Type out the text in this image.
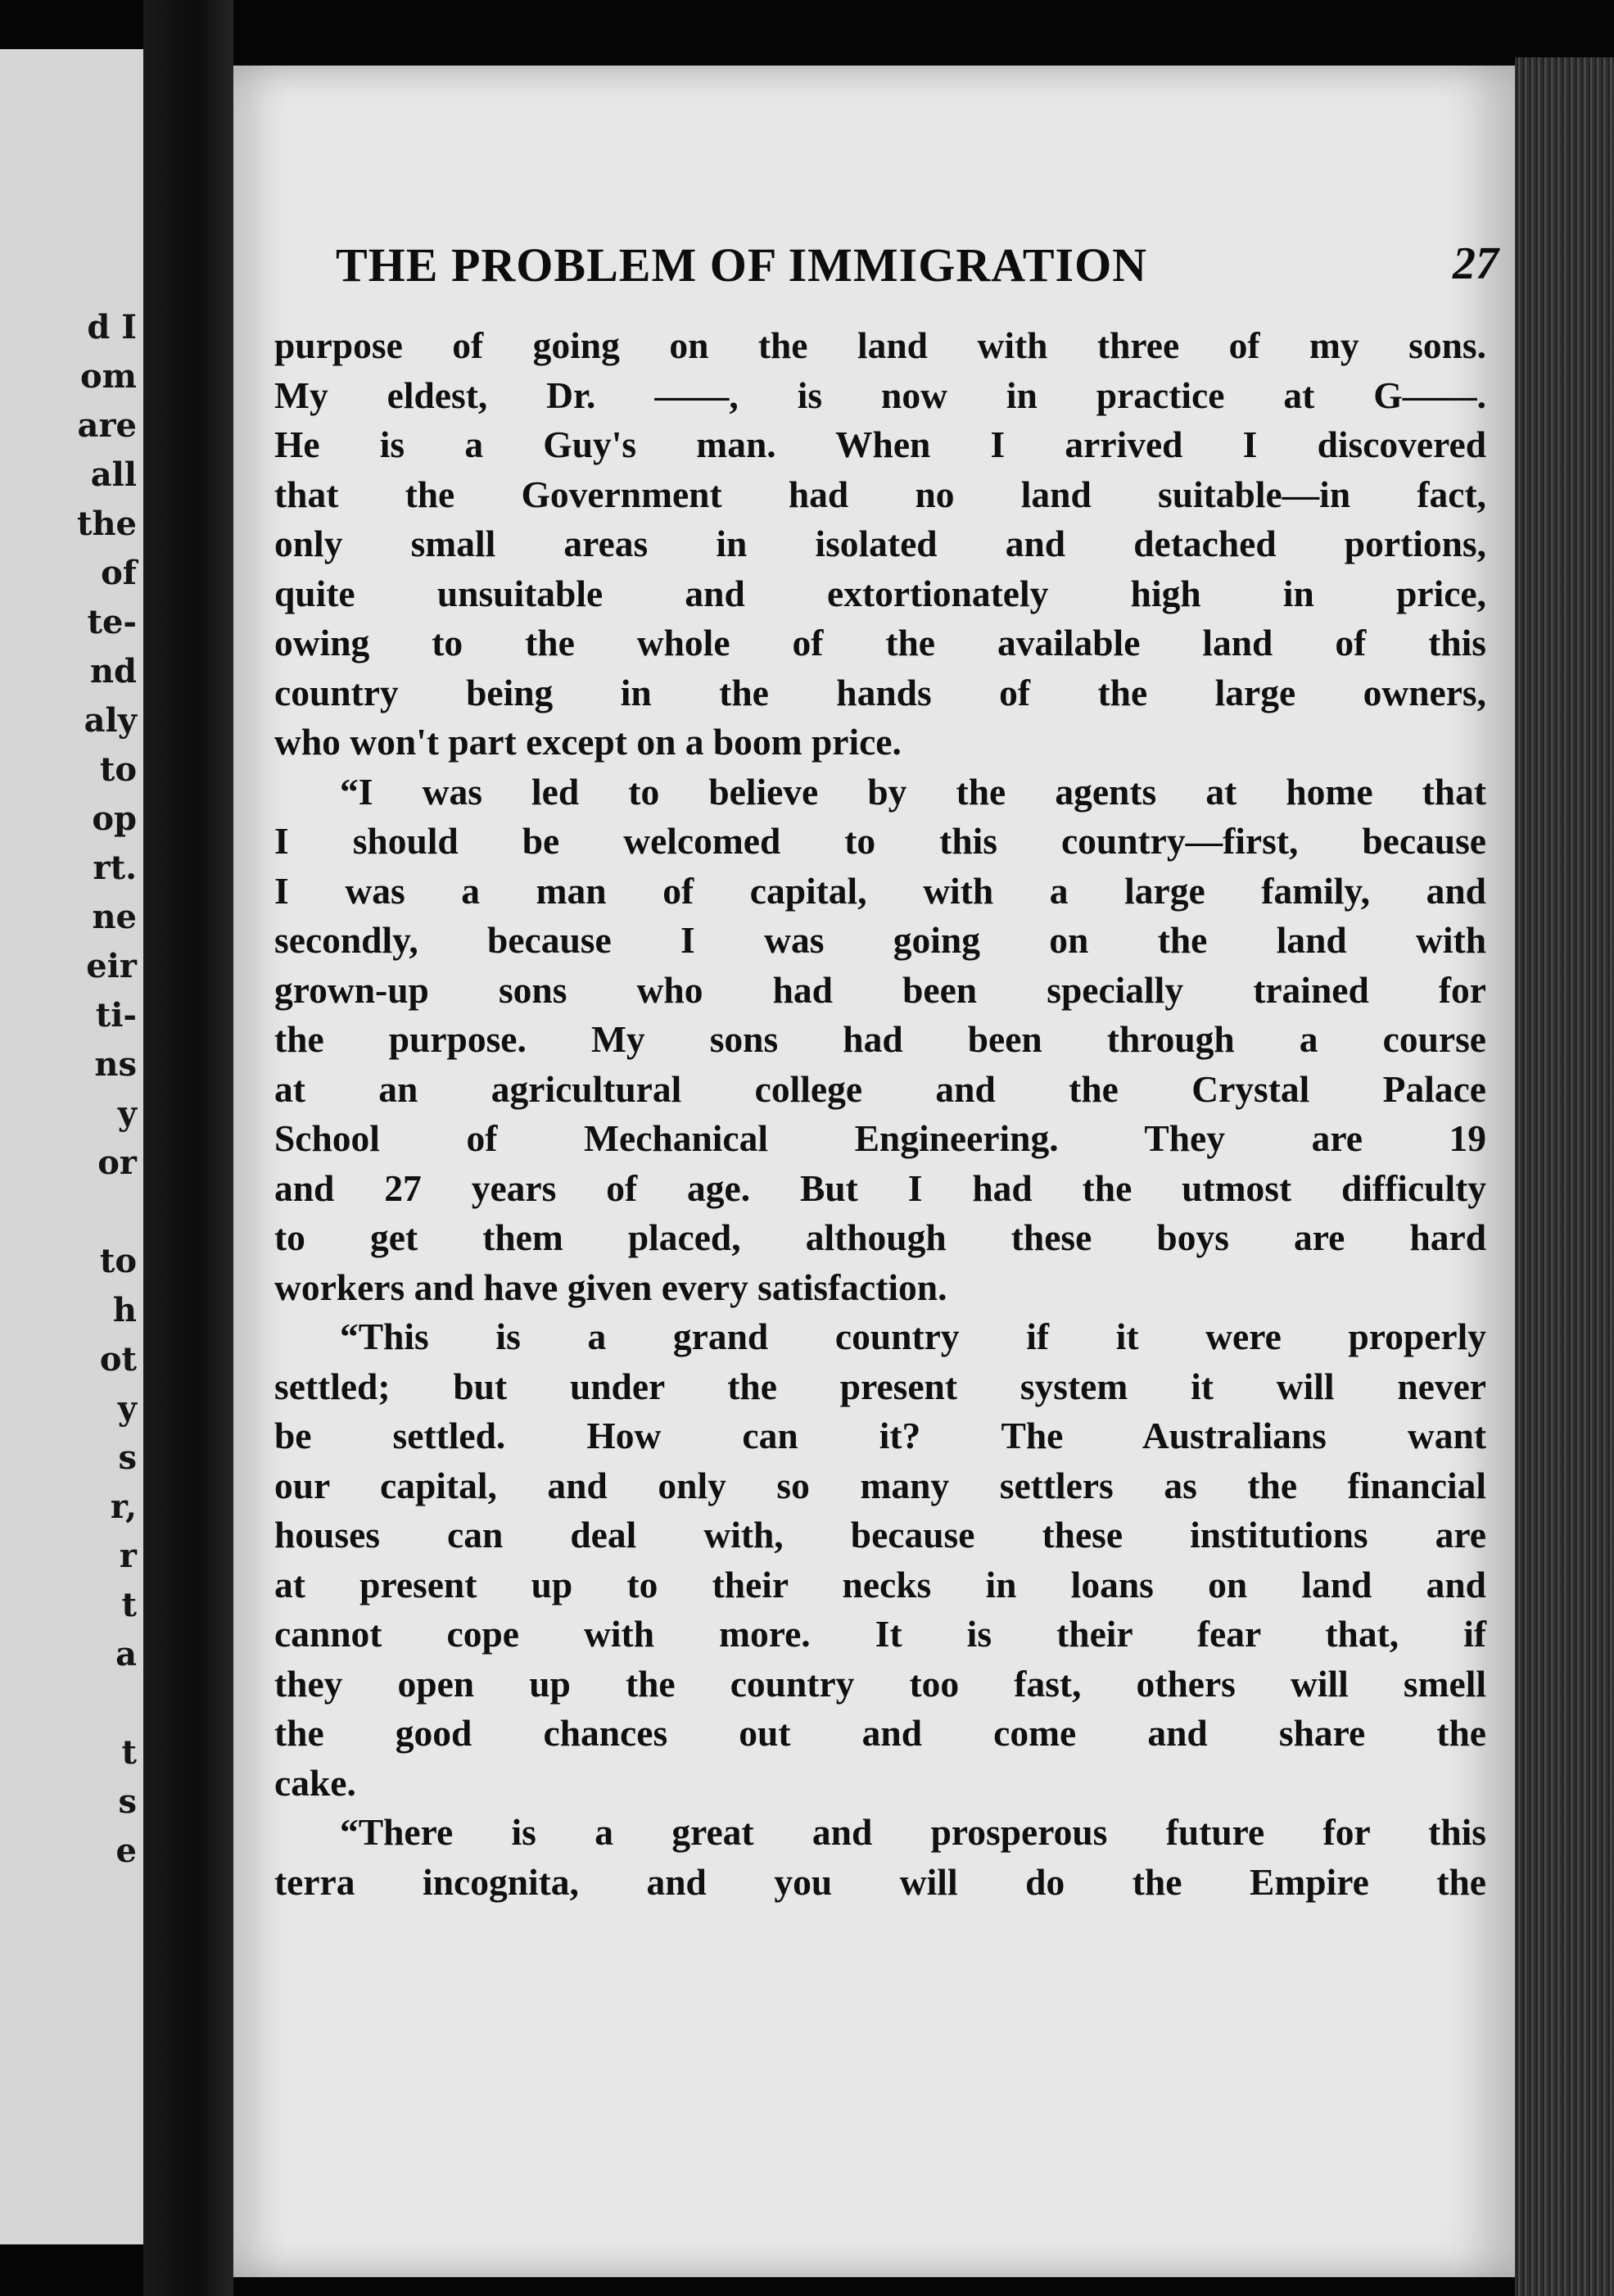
d I
om
are
all
the
of
te-
nd
aly
to
op
rt.
ne
eir
ti-
ns
y
or
to
h
ot
y
s
r,
r
t
a
t
s
e
THE PROBLEM OF IMMIGRATION	27
purpose of going on the land with three of my sons.
My eldest, Dr. ——, is now in practice at G——.
He is a Guy's man. When I arrived I discovered
that the Government had no land suitable—in fact,
only small areas in isolated and detached portions,
quite unsuitable and extortionately high in price,
owing to the whole of the available land of this
country being in the hands of the large owners,
who won't part except on a boom price.
“I was led to believe by the agents at home that
I should be welcomed to this country—first, because
I was a man of capital, with a large family, and
secondly, because I was going on the land with
grown-up sons who had been specially trained for
the purpose. My sons had been through a course
at an agricultural college and the Crystal Palace
School of Mechanical Engineering. They are 19
and 27 years of age. But I had the utmost difficulty
to get them placed, although these boys are hard
workers and have given every satisfaction.
“This is a grand country if it were properly
settled; but under the present system it will never
be settled. How can it? The Australians want
our capital, and only so many settlers as the financial
houses can deal with, because these institutions are
at present up to their necks in loans on land and
cannot cope with more. It is their fear that, if
they open up the country too fast, others will smell
the good chances out and come and share the
cake.
“There is a great and prosperous future for this
terra incognita, and you will do the Empire the
